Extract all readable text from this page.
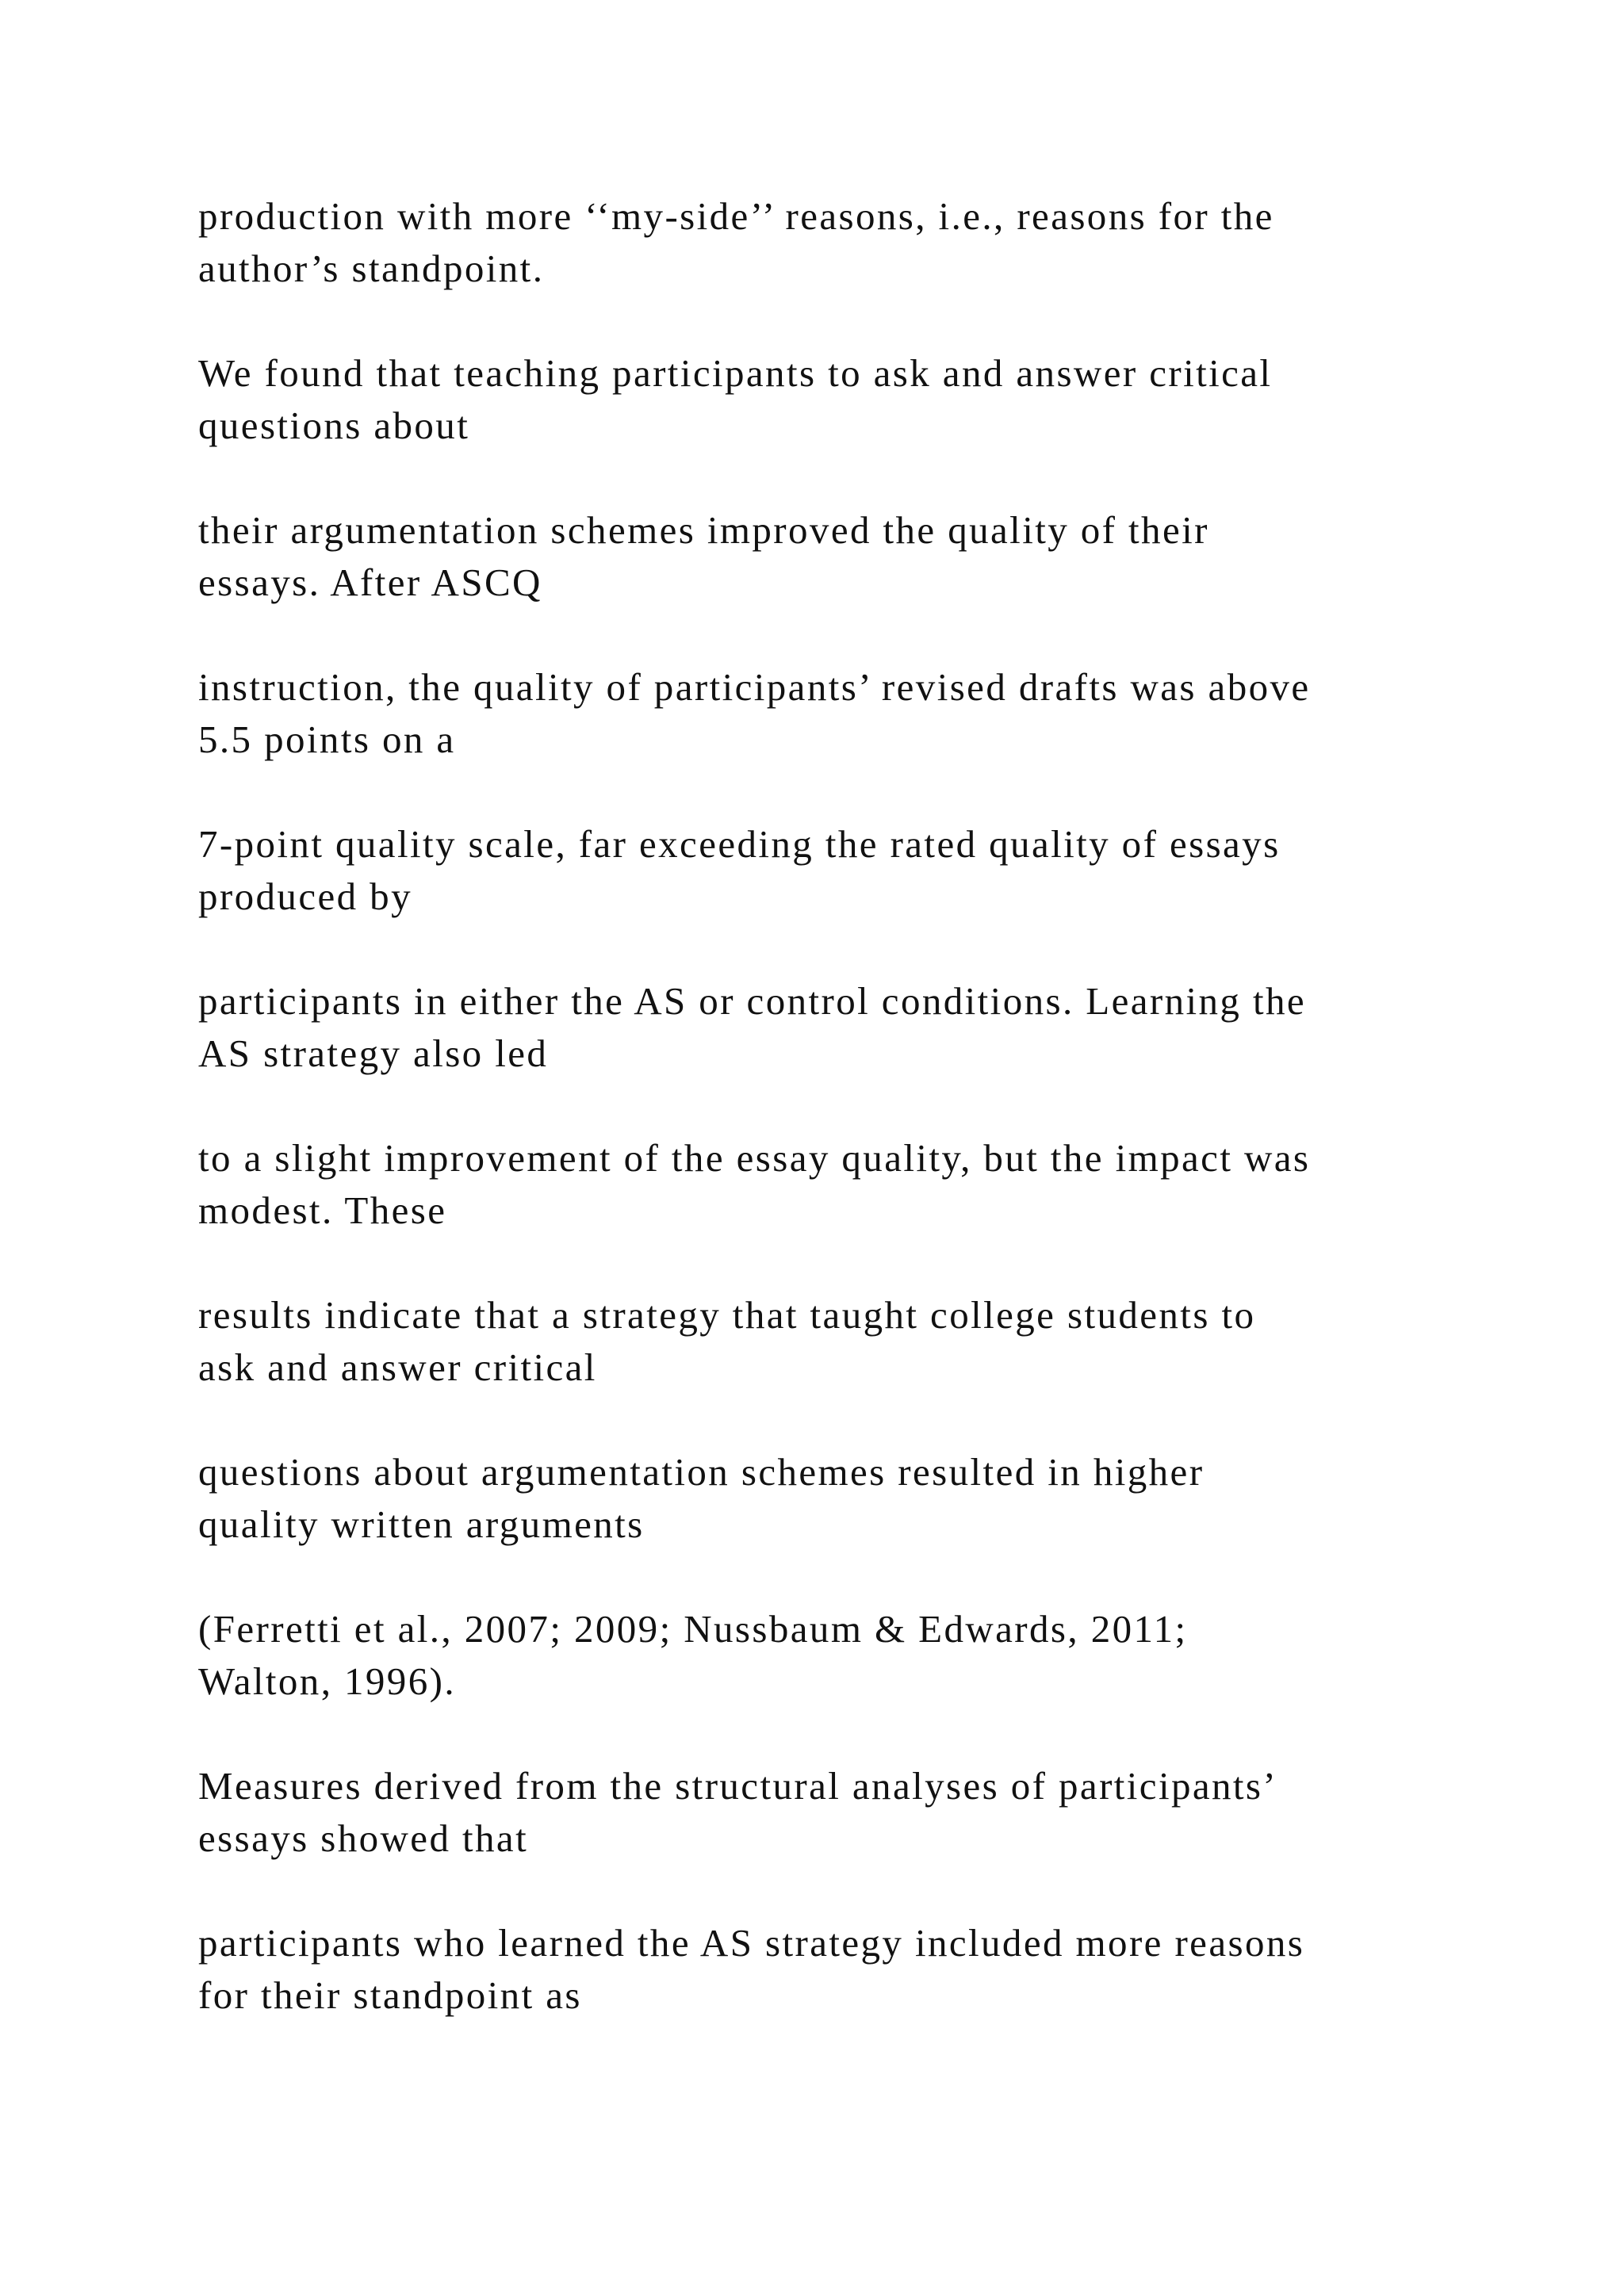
production with more ‘‘my-side’’ reasons, i.e., reasons for the
author’s standpoint.

We found that teaching participants to ask and answer critical
questions about

their argumentation schemes improved the quality of their
essays. After ASCQ

instruction, the quality of participants’ revised drafts was above
5.5 points on a

7-point quality scale, far exceeding the rated quality of essays
produced by

participants in either the AS or control conditions. Learning the
AS strategy also led

to a slight improvement of the essay quality, but the impact was
modest. These

results indicate that a strategy that taught college students to
ask and answer critical

questions about argumentation schemes resulted in higher
quality written arguments

(Ferretti et al., 2007; 2009; Nussbaum & Edwards, 2011;
Walton, 1996).

Measures derived from the structural analyses of participants’
essays showed that

participants who learned the AS strategy included more reasons
for their standpoint as
